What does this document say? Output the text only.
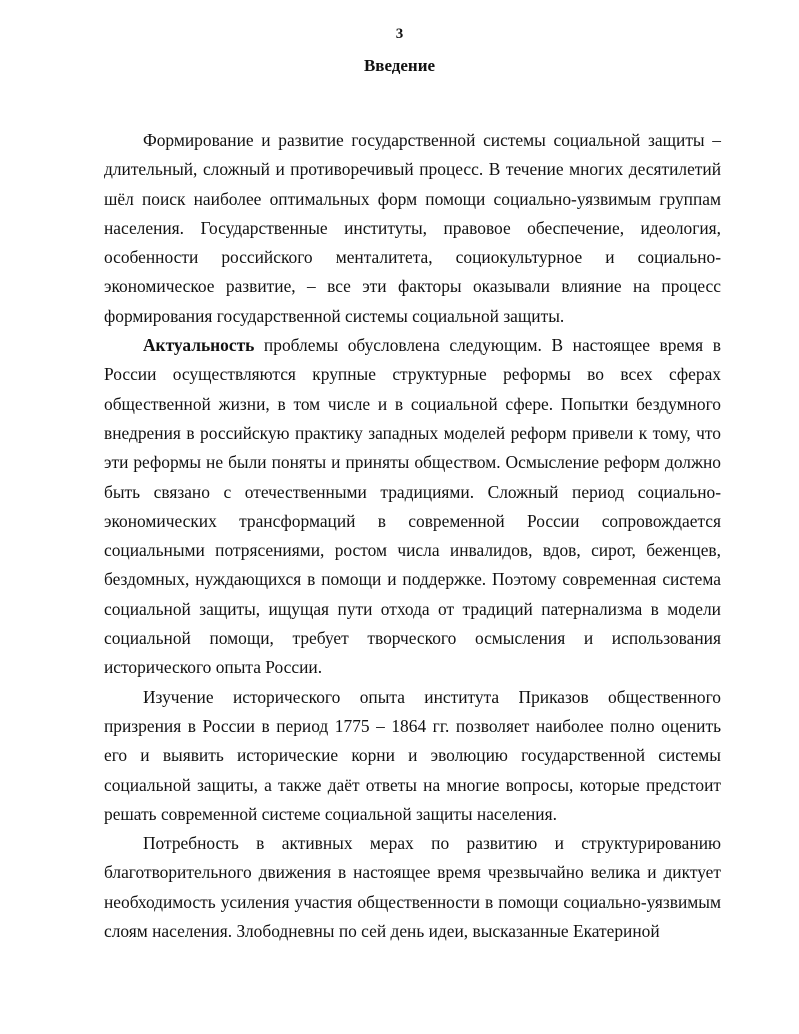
3
Введение

Формирование и развитие государственной системы социальной защиты – длительный, сложный и противоречивый процесс. В течение многих десятилетий шёл поиск наиболее оптимальных форм помощи социально-уязвимым группам населения. Государственные институты, правовое обеспечение, идеология, особенности российского менталитета, социокультурное и социально-экономическое развитие, – все эти факторы оказывали влияние на процесс формирования государственной системы социальной защиты.

Актуальность проблемы обусловлена следующим. В настоящее время в России осуществляются крупные структурные реформы во всех сферах общественной жизни, в том числе и в социальной сфере. Попытки бездумного внедрения в российскую практику западных моделей реформ привели к тому, что эти реформы не были поняты и приняты обществом. Осмысление реформ должно быть связано с отечественными традициями. Сложный период социально-экономических трансформаций в современной России сопровождается социальными потрясениями, ростом числа инвалидов, вдов, сирот, беженцев, бездомных, нуждающихся в помощи и поддержке. Поэтому современная система социальной защиты, ищущая пути отхода от традиций патернализма в модели социальной помощи, требует творческого осмысления и использования исторического опыта России.

Изучение исторического опыта института Приказов общественного призрения в России в период 1775 – 1864 гг. позволяет наиболее полно оценить его и выявить исторические корни и эволюцию государственной системы социальной защиты, а также даёт ответы на многие вопросы, которые предстоит решать современной системе социальной защиты населения.

Потребность в активных мерах по развитию и структурированию благотворительного движения в настоящее время чрезвычайно велика и диктует необходимость усиления участия общественности в помощи социально-уязвимым слоям населения. Злободневны по сей день идеи, высказанные Екатериной
